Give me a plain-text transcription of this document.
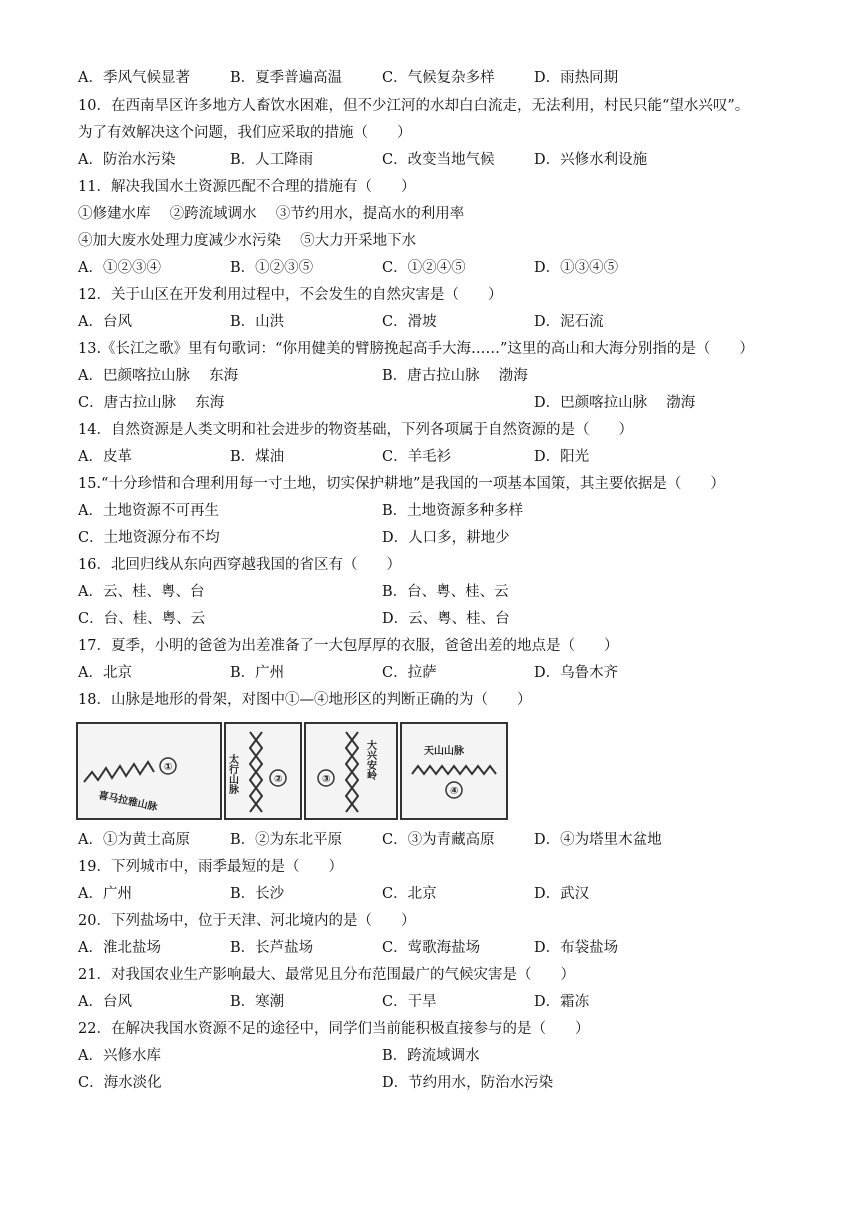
A．季风气候显著	B．夏季普遍高温	C．气候复杂多样	D．雨热同期
10．在西南旱区许多地方人畜饮水困难，但不少江河的水却白白流走，无法利用，村民只能“望水兴叹”。
为了有效解决这个问题，我们应采取的措施（　　）
A．防治水污染	B．人工降雨	C．改变当地气候	D．兴修水利设施
11．解决我国水土资源匹配不合理的措施有（　　）
①修建水库　 ②跨流域调水　 ③节约用水，提高水的利用率
④加大废水处理力度减少水污染　 ⑤大力开采地下水
A．①②③④	B．①②③⑤	C．①②④⑤	D．①③④⑤
12．关于山区在开发利用过程中，不会发生的自然灾害是（　　）
A．台风	B．山洪	C．滑坡	D．泥石流
13.《长江之歌》里有句歌词：“你用健美的臂膀挽起高手大海……”这里的高山和大海分别指的是（　　）
A．巴颜喀拉山脉　 东海	B．唐古拉山脉　 渤海
C．唐古拉山脉　 东海	D．巴颜喀拉山脉　 渤海
14．自然资源是人类文明和社会进步的物资基础，下列各项属于自然资源的是（　　）
A．皮革	B．煤油	C．羊毛衫	D．阳光
15.“十分珍惜和合理利用每一寸土地，切实保护耕地”是我国的一项基本国策，其主要依据是（　　）
A．土地资源不可再生	B．土地资源多种多样
C．土地资源分布不均	D．人口多，耕地少
16．北回归线从东向西穿越我国的省区有（　　）
A．云、桂、粤、台	B．台、粤、桂、云
C．台、桂、粤、云	D．云、粤、桂、台
17．夏季，小明的爸爸为出差准备了一大包厚厚的衣服，爸爸出差的地点是（　　）
A．北京	B．广州	C．拉萨	D．乌鲁木齐
18．山脉是地形的骨架，对图中①—④地形区的判断正确的为（　　）
A．①为黄土高原	B．②为东北平原	C．③为青藏高原	D．④为塔里木盆地
19．下列城市中，雨季最短的是（　　）
A．广州	B．长沙	C．北京	D．武汉
20．下列盐场中，位于天津、河北境内的是（　　）
A．淮北盐场	B．长芦盐场	C．莺歌海盐场	D．布袋盐场
21．对我国农业生产影响最大、最常见且分布范围最广的气候灾害是（　　）
A．台风	B．寒潮	C．干旱	D．霜冻
22．在解决我国水资源不足的途径中，同学们当前能积极直接参与的是（　　）
A．兴修水库	B．跨流域调水
C．海水淡化	D．节约用水，防治水污染
①
喜马拉雅山脉
②
太行山脉	③	大兴安岭	天山山脉
④
